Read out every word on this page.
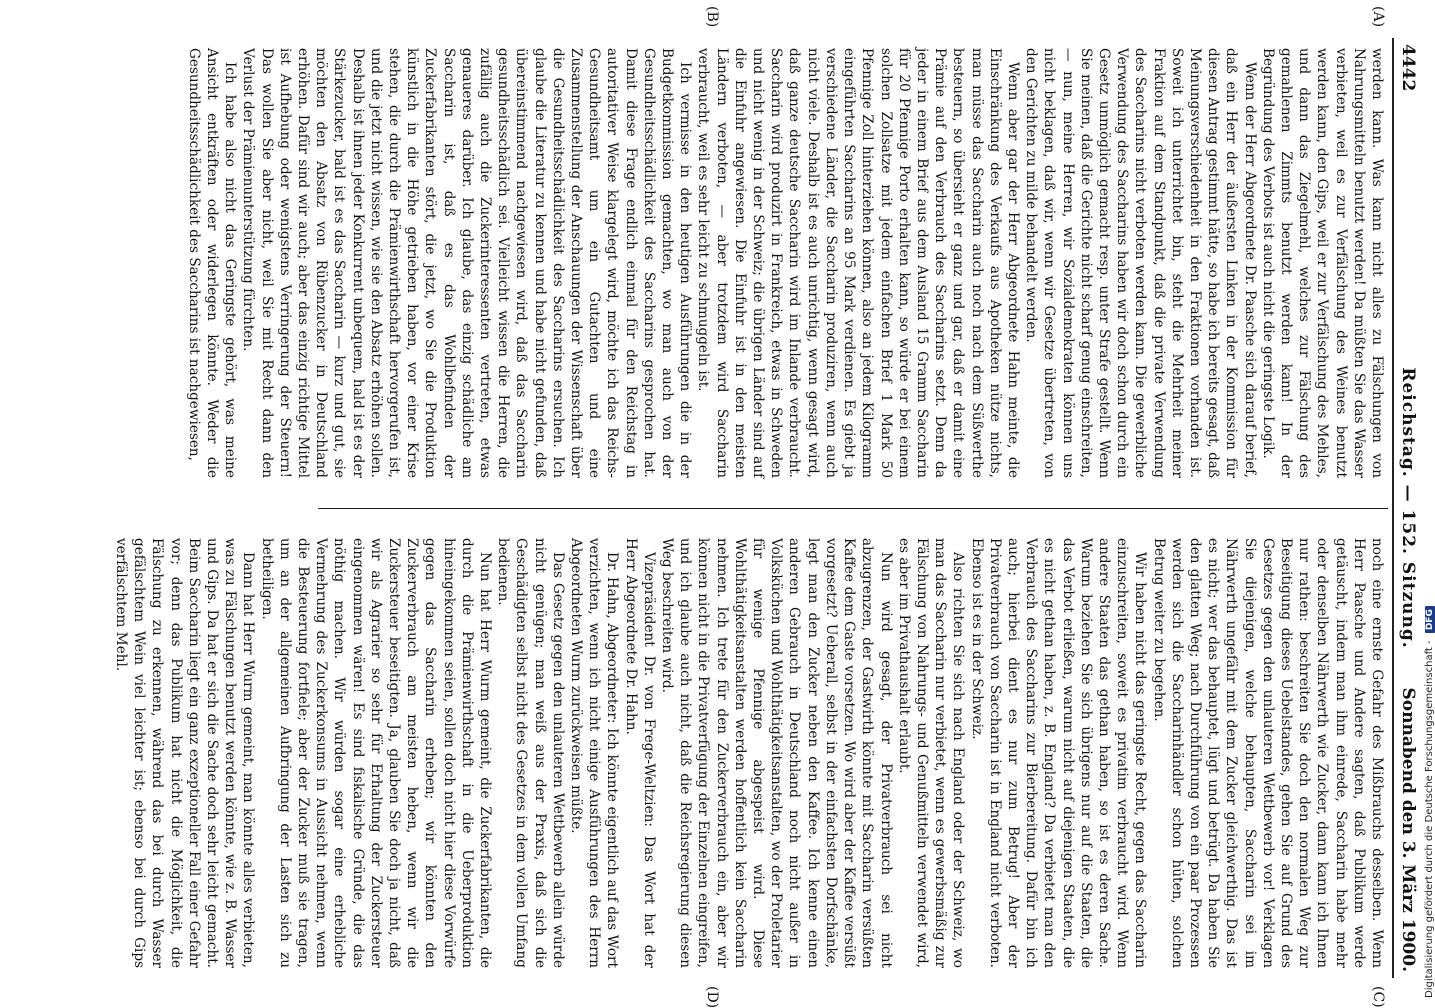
4442
Reichstag. — 152. Sitzung.
Sonnabend den 3. März 1900.
(A)
(B)
(C)
(D)

werden kann. Was kann nicht alles zu Fälschungen von Nahrungsmitteln benutzt werden! Da müßten Sie das Wasser verbieten, weil es zur Verfälschung des Weines benutzt werden kann, den Gips, weil er zur Verfälschung des Mehles, und dann das Ziegelmehl, welches zur Fälschung des gemahlenen Zimmts benutzt werden kann! In der Begründung des Verbots ist auch nicht die geringste Logik.

Wenn der Herr Abgeordnete Dr. Paasche sich darauf berief, daß ein Herr der äußersten Linken in der Kommission für diesen Antrag gestimmt hätte, so habe ich bereits gesagt, daß Meinungsverschiedenheit in den Fraktionen vorhanden ist. Soweit ich unterrichtet bin, steht die Mehrheit meiner Fraktion auf dem Standpunkt, daß die private Verwendung des Saccharins nicht verboten werden kann. Die gewerbliche Verwendung des Saccharins haben wir doch schon durch ein Gesetz unmöglich gemacht resp. unter Strafe gestellt. Wenn Sie meinen, daß die Gerichte nicht scharf genug einschreiten, — nun, meine Herren, wir Sozialdemokraten können uns nicht beklagen, daß wir, wenn wir Gesetze übertreten, von den Gerichten zu milde behandelt werden.

Wenn aber gar der Herr Abgeordnete Hahn meinte, die Einschränkung des Verkaufs aus Apotheken nütze nichts, man müsse das Saccharin auch noch nach dem Süßwerthe besteuern, so übersieht er ganz und gar, daß er damit eine Prämie auf den Verbrauch des Saccharins setzt. Denn da jeder in einem Brief aus dem Ausland 15 Gramm Saccharin für 20 Pfennige Porto erhalten kann, so würde er bei einem solchen Zollsatze mit jedem einfachen Brief 1 Mark 50 Pfennige Zoll hinterziehen können, also an jedem Kilogramm eingeführten Saccharins an 95 Mark verdienen. Es giebt ja verschiedene Länder, die Saccharin produziren, wenn auch nicht viele. Deshalb ist es auch unrichtig, wenn gesagt wird, daß ganze deutsche Saccharin wird im Inlande verbraucht. Saccharin wird produzirt in Frankreich, etwas in Schweden und nicht wenig in der Schweiz; die übrigen Länder sind auf die Einfuhr angewiesen. Die Einfuhr ist in den meisten Ländern verboten, — aber trotzdem wird Saccharin verbraucht, weil es sehr leicht zu schmuggeln ist.

Ich vermisse in den heutigen Ausführungen die in der Budgetkommission gemachten, wo man auch von der Gesundheitsschädlichkeit des Saccharins gesprochen hat. Damit diese Frage endlich einmal für den Reichstag in autoritativer Weise klargelegt wird, möchte ich das Reichs-Gesundheitsamt um ein Gutachten und eine Zusammenstellung der Anschauungen der Wissenschaft über die Gesundheitsschädlichkeit des Saccharins ersuchen. Ich glaube die Literatur zu kennen und habe nicht gefunden, daß übereinstimmend nachgewiesen wird, daß das Saccharin gesundheitsschädlich sei. Vielleicht wissen die Herren, die zufällig auch die Zuckerinteressenten vertreten, etwas genaueres darüber. Ich glaube, das einzig schädliche am Saccharin ist, daß es das Wohlbefinden der Zuckerfabrikanten stört, die jetzt, wo Sie die Produktion künstlich in die Höhe getrieben haben, vor einer Krise stehen, die durch die Prämienwirthschaft hervorgerufen ist, und die jetzt nicht wissen, wie sie den Absatz erhöhen sollen. Deshalb ist ihnen jeder Konkurrent unbequem, hald ist es der Stärkezucker, bald ist es das Saccharin — kurz und gut, sie möchten den Absatz von Rübenzucker in Deutschland erhöhen. Dafür sind wir auch; aber das einzig richtige Mittel ist Aufhebung oder wenigstens Verringerung der Steuern! Das wollen Sie aber nicht, weil Sie mit Recht dann den Verlust der Prämienunterstützung fürchten.

Ich habe also nicht das Geringste gehört, was meine Ansicht entkräften oder widerlegen könnte. Weder die Gesundheitsschädlichkeit des Saccharins ist nachgewiesen,

noch eine ernste Gefahr des Mißbrauchs desselben. Wenn Herr Paasche und Andere sagten, daß Publikum werde getäuscht, indem man ihm einrede, Saccharin habe mehr oder denselben Nährwerth wie Zucker, dann kann ich Ihnen nur rathen: beschreiten Sie doch den normalen Weg zur Beseitigung dieses Uebelstandes, gehen Sie auf Grund des Gesetzes gegen den unlauteren Wettbewerb vor! Verklagen Sie diejenigen, welche behaupten, Saccharin sei im Nährwerth ungefähr mit dem Zucker gleichwerthig. Das ist es nicht; wer das behauptet, lügt und betrügt. Da haben Sie den glatten Weg; nach Durchführung von ein paar Prozessen werden sich die Saccharinhändler schon hüten, solchen Betrug weiter zu begehen.

Wir haben nicht das geringste Recht, gegen das Saccharin einzuschreiten, soweit es privatim verbraucht wird. Wenn andere Staaten das gethan haben, so ist es deren Sache. Warum beziehen Sie sich übrigens nur auf die Staaten, die das Verbot erließen, warum nicht auf diejenigen Staaten, die es nicht gethan haben, z. B. England? Da verbietet man den Verbrauch des Saccharins zur Bierbereitung. Dafür bin ich auch; hierbei dient es nur zum Betrug! Aber der Privatverbrauch von Saccharin ist in England nicht verboten. Ebenso ist es in der Schweiz.

Also richten Sie sich nach England oder der Schweiz, wo man das Saccharin nur verbietet, wenn es gewerbsmäßig zur Fälschung von Nahrungs- und Genußmitteln verwendet wird, es aber im Privathaushalt erlaubt.

Nun wird gesagt, der Privatverbrauch sei nicht abzugrenzen, der Gastwirth könnte mit Saccharin versüßten Kaffee dem Gaste vorsetzen. Wo wird aber der Kaffee versüßt vorgesetzt? Ueberall, selbst in der einfachsten Dorfschänke, legt man den Zucker neben den Kaffee. Ich kenne einen anderen Gebrauch in Deutschland noch nicht außer in Volksküchen und Wohlthätigkeitsanstalten, wo der Proletarier für wenige Pfennige abgespeist wird. Diese Wohlthätigkeitsanstalten werden hoffentlich kein Saccharin nehmen. Ich trete für den Zuckerverbrauch ein, aber wir können nicht in die Privatverfügung der Einzelnen eingreifen, und ich glaube auch nicht, daß die Reichsregierung diesen Weg beschreiten wird.

Vizepräsident Dr. von Frege-Weltzien: Das Wort hat der Herr Abgeordnete Dr. Hahn.

Dr. Hahn, Abgeordneter: Ich könnte eigentlich auf das Wort verzichten, wenn ich nicht einige Ausführungen des Herrn Abgeordneten Wurm zurückweisen müßte.

Das Gesetz gegen den unlauteren Wettbewerb allein würde nicht genügen; man weiß aus der Praxis, daß sich die Geschädigten selbst nicht des Gesetzes in dem vollen Umfang bedienen.

Nun hat Herr Wurm gemeint, die Zuckerfabrikanten, die durch die Prämienwirthschaft in die Ueberproduktion hineingekommen seien, sollen doch nicht hier diese Vorwürfe gegen das Saccharin erheben; wir könnten den Zuckerverbrauch am meisten heben, wenn wir die Zuckersteuer beseitigten. Ja, glauben Sie doch ja nicht, daß wir als Agrarier so sehr für Erhaltung der Zuckersteuer eingenommen wären! Es sind fiskalische Gründe, die das nöthig machen. Wir würden sogar eine erhebliche Vermehrung des Zuckerkonsums in Aussicht nehmen, wenn die Besteuerung fortfiele; aber der Zucker muß sie tragen, um an der allgemeinen Aufbringung der Lasten sich zu betheiligen.

Dann hat Herr Wurm gemeint, man könnte alles verbieten, was zu Fälschungen benutzt werden könnte, wie z. B. Wasser und Gips. Da hat er sich die Sache doch sehr leicht gemacht. Beim Saccharin liegt ein ganz exzeptioneller Fall einer Gefahr vor; denn das Publikum hat nicht die Möglichkeit, die Fälschung zu erkennen, während das bei durch Wasser gefälschtem Wein viel leichter ist; ebenso bei durch Gips verfälschtem Mehl.

Digitalisierung gefördert durch die Deutsche Forschungsgemeinschaft - DFG
